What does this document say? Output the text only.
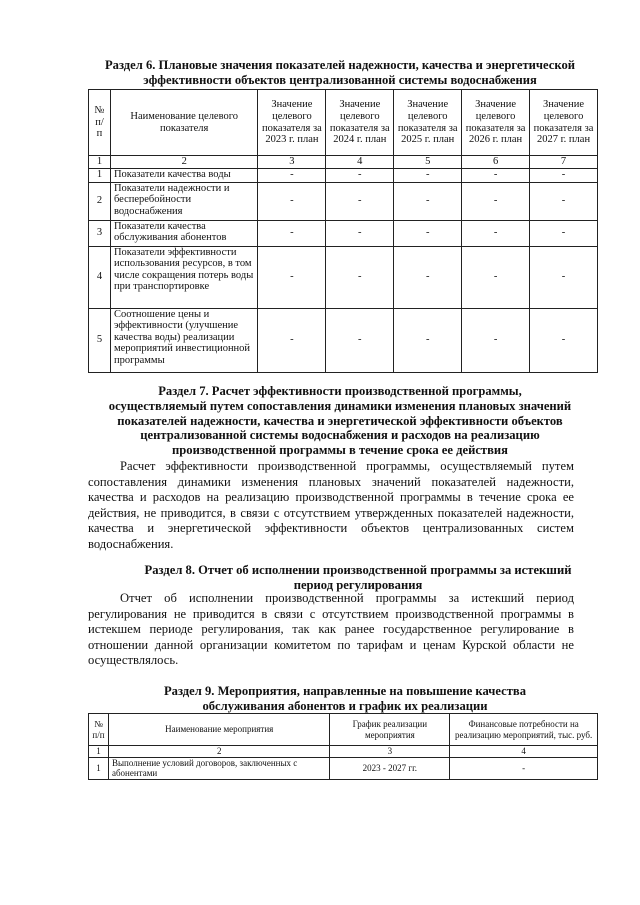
Раздел 6. Плановые значения показателей надежности, качества и энергетической
эффективности объектов централизованной системы водоснабжения
№ п/ п	Наименование целевого показателя	Значение целевого показателя за 2023 г. план	Значение целевого показателя за 2024 г. план	Значение целевого показателя за 2025 г. план	Значение целевого показателя за 2026 г. план	Значение целевого показателя за 2027 г. план
1	2	3	4	5	6	7
1	Показатели качества воды	-	-	-	-	-
2	Показатели надежности и бесперебойности водоснабжения	-	-	-	-	-
3	Показатели качества обслуживания абонентов	-	-	-	-	-
4	Показатели эффективности использования ресурсов, в том числе сокращения потерь воды при транспортировке	-	-	-	-	-
5	Соотношение цены и эффективности (улучшение качества воды) реализации мероприятий инвестиционной программы	-	-	-	-	-
Раздел 7. Расчет эффективности производственной программы,
осуществляемый путем сопоставления динамики изменения плановых значений
показателей надежности, качества и энергетической эффективности объектов
централизованной системы водоснабжения и расходов на реализацию
производственной программы в течение срока ее действия
Расчет эффективности производственной программы, осуществляемый путем сопоставления динамики изменения плановых значений показателей надежности, качества и расходов на реализацию производственной программы в течение срока ее действия, не приводится, в связи с отсутствием утвержденных показателей надежности, качества и энергетической эффективности объектов централизованных систем водоснабжения.
Раздел 8. Отчет об исполнении производственной программы за истекший
период регулирования
Отчет об исполнении производственной программы за истекший период регулирования не приводится в связи с отсутствием производственной программы в истекшем периоде регулирования, так как ранее государственное регулирование в отношении данной организации комитетом по тарифам и ценам Курской области не осуществлялось.
Раздел 9. Мероприятия, направленные на повышение качества
обслуживания абонентов и график их реализации
№ п/п	Наименование мероприятия	График реализации мероприятия	Финансовые потребности на реализацию мероприятий, тыс. руб.
1	2	3	4
1	Выполнение условий договоров, заключенных с абонентами	2023 - 2027 гг.	-
